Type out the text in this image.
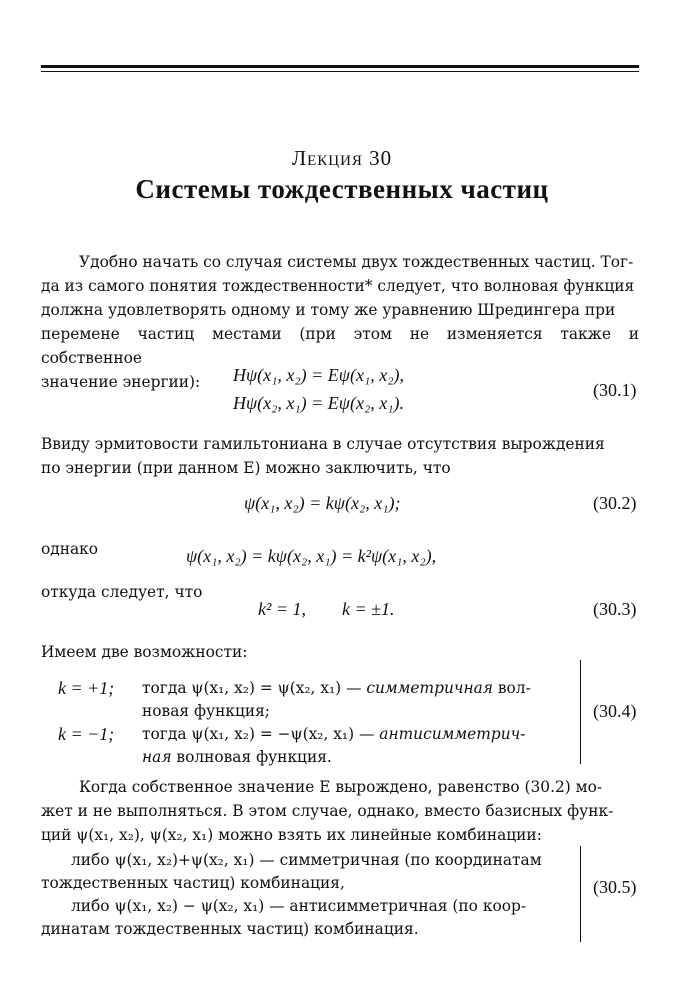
Лекция 30
Системы тождественных частиц
Удобно начать со случая системы двух тождественных частиц. Тог-
да из самого понятия тождественности* следует, что волновая функция
должна удовлетворять одному и тому же уравнению Шредингера при
перемене частиц местами (при этом не изменяется также и собственное
значение энергии):	Hψ(x₁, x₂) = Eψ(x₁, x₂),
Hψ(x₂, x₁) = Eψ(x₂, x₁).
(30.1)
Ввиду эрмитовости гамильтониана в случае отсутствия вырождения
по энергии (при данном E) можно заключить, что
ψ(x₁, x₂) = kψ(x₂, x₁);	(30.2)
однако	ψ(x₁, x₂) = kψ(x₂, x₁) = k²ψ(x₁, x₂),
откуда следует, что
k² = 1,        k = ±1.	(30.3)
Имеем две возможности:
k = +1; тогда ψ(x₁, x₂) = ψ(x₂, x₁) — симметричная вол-
новая функция;
k = −1; тогда ψ(x₁, x₂) = −ψ(x₂, x₁) — антисимметрич-
ная волновая функция.
(30.4)
Когда собственное значение E вырождено, равенство (30.2) мо-
жет и не выполняться. В этом случае, однако, вместо базисных функ-
ций ψ(x₁, x₂), ψ(x₂, x₁) можно взять их линейные комбинации:
либо ψ(x₁, x₂)+ψ(x₂, x₁) — симметричная (по координатам
тождественных частиц) комбинация,
либо ψ(x₁, x₂) − ψ(x₂, x₁) — антисимметричная (по коор-
динатам тождественных частиц) комбинация.
(30.5)
